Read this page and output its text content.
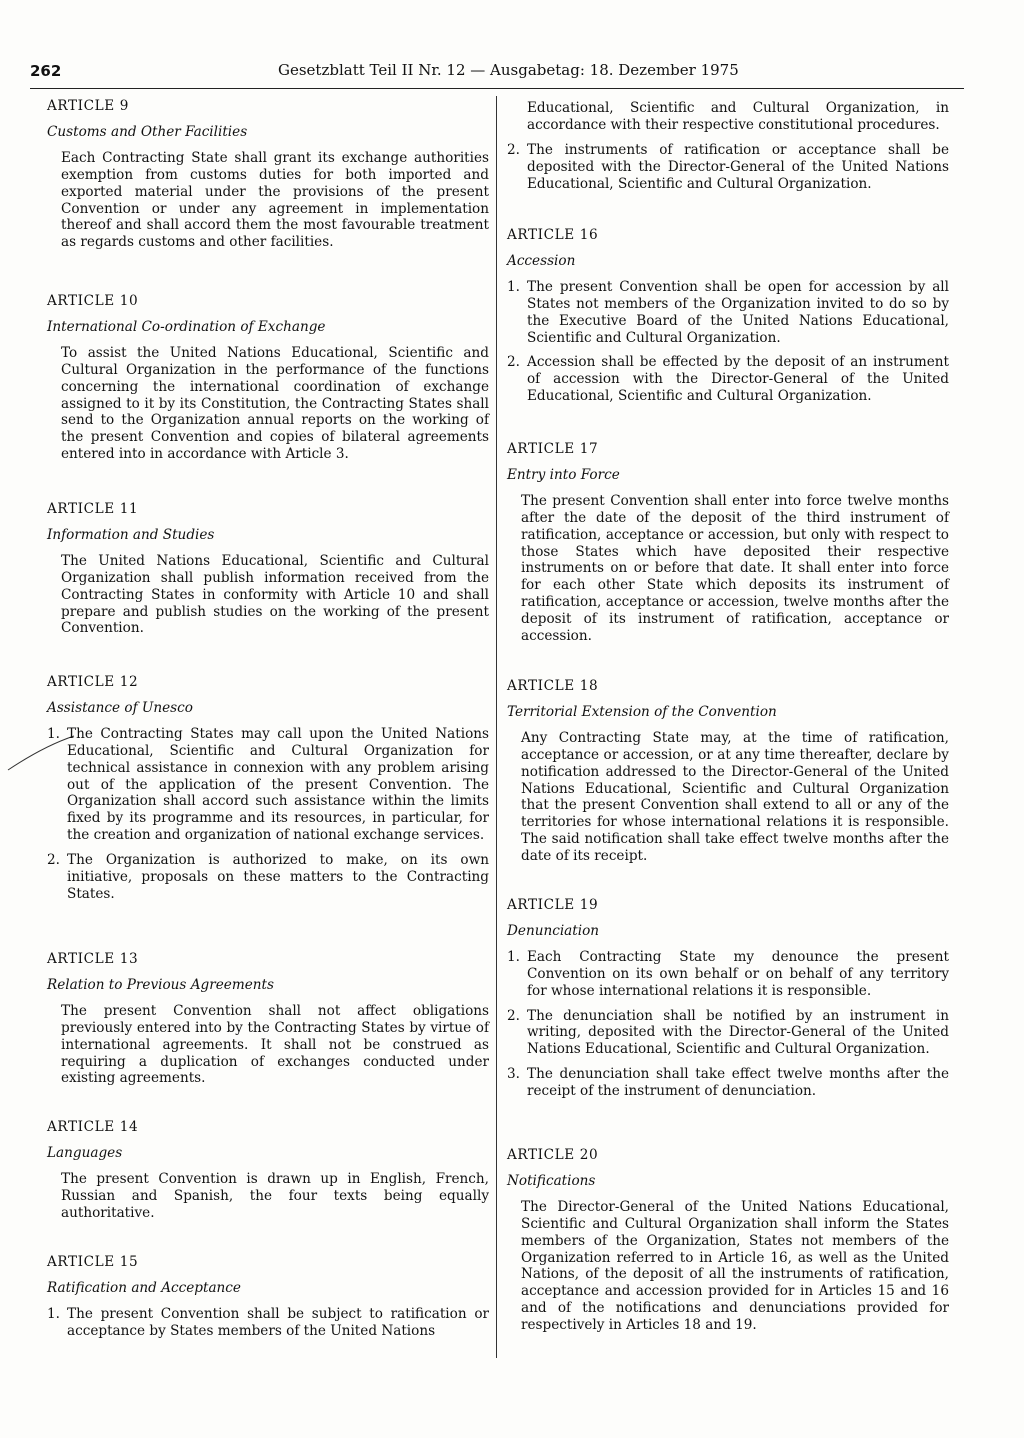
262	Gesetzblatt Teil II Nr. 12 — Ausgabetag: 18. Dezember 1975
ARTICLE 9
Customs and Other Facilities

Each Contracting State shall grant its exchange authorities exemption from customs duties for both imported and exported material under the provisions of the present Convention or under any agreement in implementation thereof and shall accord them the most favourable treatment as regards customs and other facilities.

ARTICLE 10
International Co-ordination of Exchange

To assist the United Nations Educational, Scientific and Cultural Organization in the performance of the functions concerning the international coordination of exchange assigned to it by its Constitution, the Contracting States shall send to the Organization annual reports on the working of the present Convention and copies of bilateral agreements entered into in accordance with Article 3.

ARTICLE 11
Information and Studies

The United Nations Educational, Scientific and Cultural Organization shall publish information received from the Contracting States in conformity with Article 10 and shall prepare and publish studies on the working of the present Convention.

ARTICLE 12
Assistance of Unesco
1. The Contracting States may call upon the United Nations Educational, Scientific and Cultural Organization for technical assistance in connexion with any problem arising out of the application of the present Convention. The Organization shall accord such assistance within the limits fixed by its programme and its resources, in particular, for the creation and organization of national exchange services.
2. The Organization is authorized to make, on its own initiative, proposals on these matters to the Contracting States.
ARTICLE 13
Relation to Previous Agreements

The present Convention shall not affect obligations previously entered into by the Contracting States by virtue of international agreements. It shall not be construed as requiring a duplication of exchanges conducted under existing agreements.

ARTICLE 14
Languages

The present Convention is drawn up in English, French, Russian and Spanish, the four texts being equally authoritative.

ARTICLE 15
Ratification and Acceptance
1. The present Convention shall be subject to ratification or acceptance by States members of the United Nations
Educational, Scientific and Cultural Organization, in accordance with their respective constitutional procedures.
2. The instruments of ratification or acceptance shall be deposited with the Director-General of the United Nations Educational, Scientific and Cultural Organization.
ARTICLE 16
Accession
1. The present Convention shall be open for accession by all States not members of the Organization invited to do so by the Executive Board of the United Nations Educational, Scientific and Cultural Organization.
2. Accession shall be effected by the deposit of an instrument of accession with the Director-General of the United Educational, Scientific and Cultural Organization.
ARTICLE 17
Entry into Force

The present Convention shall enter into force twelve months after the date of the deposit of the third instrument of ratification, acceptance or accession, but only with respect to those States which have deposited their respective instruments on or before that date. It shall enter into force for each other State which deposits its instrument of ratification, acceptance or accession, twelve months after the deposit of its instrument of ratification, acceptance or accession.

ARTICLE 18
Territorial Extension of the Convention

Any Contracting State may, at the time of ratification, acceptance or accession, or at any time thereafter, declare by notification addressed to the Director-General of the United Nations Educational, Scientific and Cultural Organization that the present Convention shall extend to all or any of the territories for whose international relations it is responsible. The said notification shall take effect twelve months after the date of its receipt.

ARTICLE 19
Denunciation
1. Each Contracting State my denounce the present Convention on its own behalf or on behalf of any territory for whose international relations it is responsible.
2. The denunciation shall be notified by an instrument in writing, deposited with the Director-General of the United Nations Educational, Scientific and Cultural Organization.
3. The denunciation shall take effect twelve months after the receipt of the instrument of denunciation.
ARTICLE 20
Notifications

The Director-General of the United Nations Educational, Scientific and Cultural Organization shall inform the States members of the Organization, States not members of the Organization referred to in Article 16, as well as the United Nations, of the deposit of all the instruments of ratification, acceptance and accession provided for in Articles 15 and 16 and of the notifications and denunciations provided for respectively in Articles 18 and 19.
